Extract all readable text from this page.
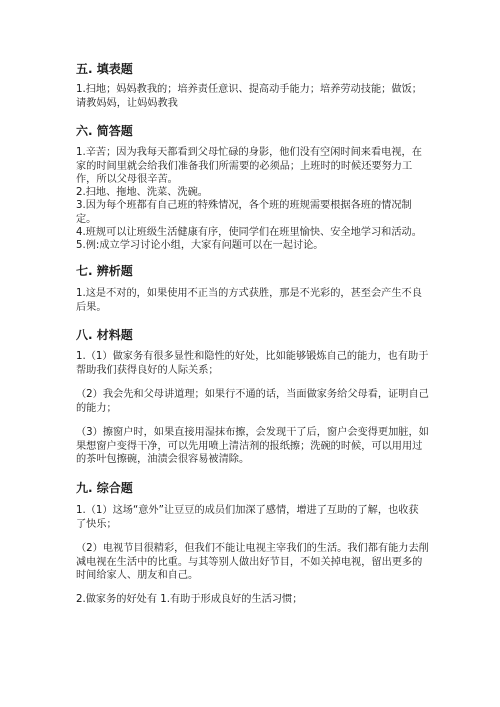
五. 填表题
1.扫地；妈妈教我的；培养责任意识、提高动手能力；培养劳动技能；做饭；
请教妈妈，让妈妈教我
六. 简答题
1.辛苦；因为我每天都看到父母忙碌的身影，他们没有空闲时间来看电视，在
家的时间里就会给我们准备我们所需要的必须品；上班时的时候还要努力工
作，所以父母很辛苦。
2.扫地、拖地、洗菜、洗碗。
3.因为每个班都有自己班的特殊情况，各个班的班规需要根据各班的情况制
定。
4.班规可以让班级生活健康有序，使同学们在班里愉快、安全地学习和活动。
5.例:成立学习讨论小组，大家有问题可以在一起讨论。
七. 辨析题
1.这是不对的，如果使用不正当的方式获胜，那是不光彩的，甚至会产生不良
后果。
八. 材料题
1.（1）做家务有很多显性和隐性的好处，比如能够锻炼自己的能力，也有助于
帮助我们获得良好的人际关系；
（2）我会先和父母讲道理；如果行不通的话，当面做家务给父母看，证明自己
的能力；
（3）擦窗户时，如果直接用湿抹布擦，会发现干了后，窗户会变得更加脏，如
果想窗户变得干净，可以先用喷上清洁剂的报纸擦；洗碗的时候，可以用用过
的茶叶包擦碗，油渍会很容易被清除。
九. 综合题
1.（1）这场“意外”让豆豆的成员们加深了感情，增进了互助的了解，也收获
了快乐；
（2）电视节目很精彩，但我们不能让电视主宰我们的生活。我们都有能力去削
减电视在生活中的比重。与其等别人做出好节目，不如关掉电视，留出更多的
时间给家人、朋友和自己。
2.做家务的好处有 1.有助于形成良好的生活习惯；
